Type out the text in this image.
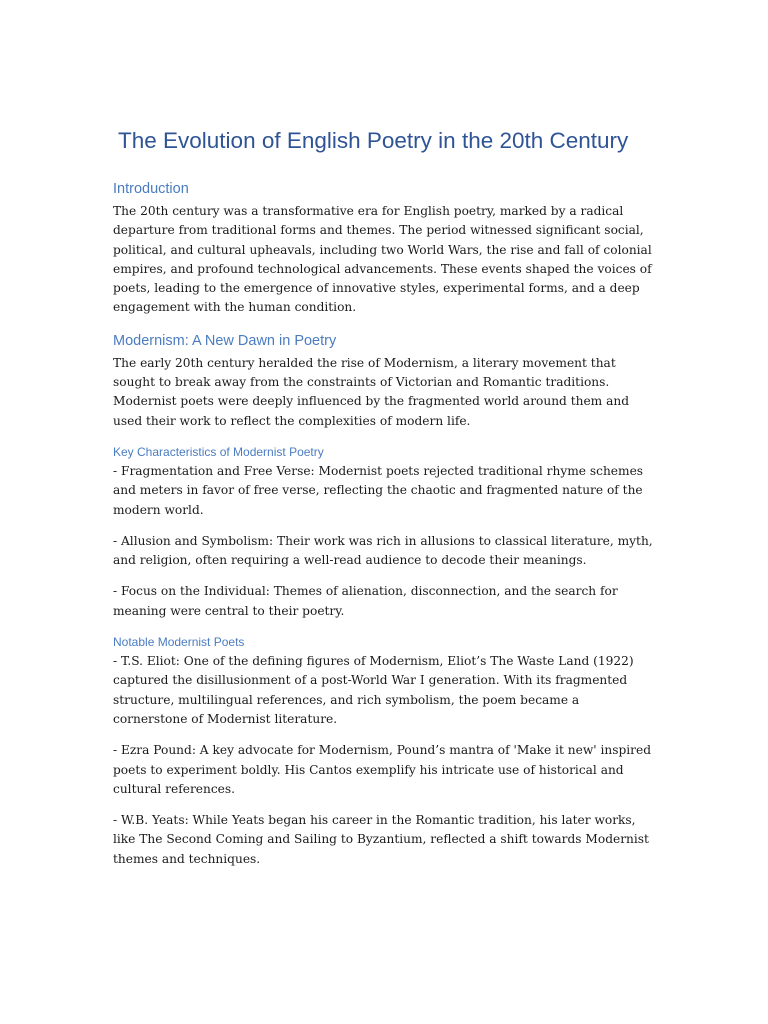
The Evolution of English Poetry in the 20th Century
Introduction

The 20th century was a transformative era for English poetry, marked by a radical departure from traditional forms and themes. The period witnessed significant social, political, and cultural upheavals, including two World Wars, the rise and fall of colonial empires, and profound technological advancements. These events shaped the voices of poets, leading to the emergence of innovative styles, experimental forms, and a deep engagement with the human condition.

Modernism: A New Dawn in Poetry

The early 20th century heralded the rise of Modernism, a literary movement that sought to break away from the constraints of Victorian and Romantic traditions. Modernist poets were deeply influenced by the fragmented world around them and used their work to reflect the complexities of modern life.

Key Characteristics of Modernist Poetry

- Fragmentation and Free Verse: Modernist poets rejected traditional rhyme schemes and meters in favor of free verse, reflecting the chaotic and fragmented nature of the modern world.

- Allusion and Symbolism: Their work was rich in allusions to classical literature, myth, and religion, often requiring a well-read audience to decode their meanings.

- Focus on the Individual: Themes of alienation, disconnection, and the search for meaning were central to their poetry.

Notable Modernist Poets

- T.S. Eliot: One of the defining figures of Modernism, Eliot’s The Waste Land (1922) captured the disillusionment of a post-World War I generation. With its fragmented structure, multilingual references, and rich symbolism, the poem became a cornerstone of Modernist literature.

- Ezra Pound: A key advocate for Modernism, Pound’s mantra of 'Make it new' inspired poets to experiment boldly. His Cantos exemplify his intricate use of historical and cultural references.

- W.B. Yeats: While Yeats began his career in the Romantic tradition, his later works, like The Second Coming and Sailing to Byzantium, reflected a shift towards Modernist themes and techniques.
